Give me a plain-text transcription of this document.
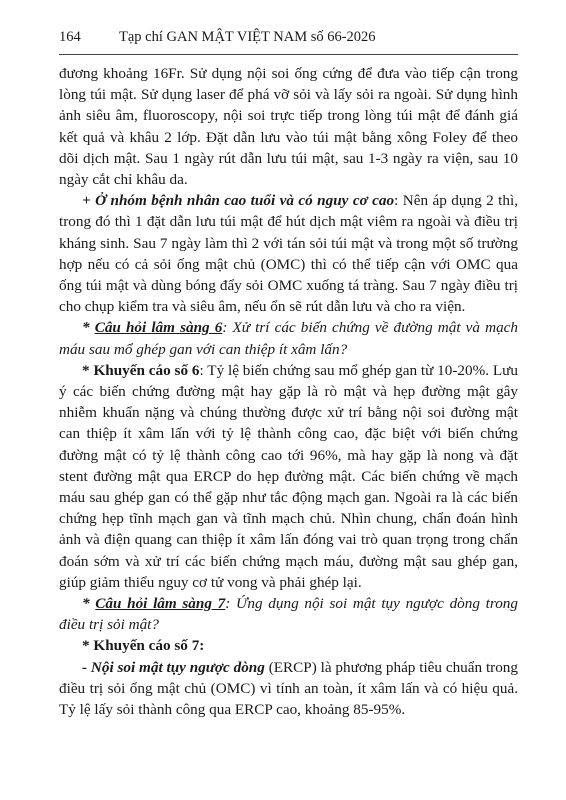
164	Tạp chí GAN MẬT VIỆT NAM số 66-2026

đương khoảng 16Fr. Sử dụng nội soi ống cứng để đưa vào tiếp cận trong lòng túi mật. Sử dụng laser để phá vỡ sỏi và lấy sỏi ra ngoài. Sử dụng hình ảnh siêu âm, fluoroscopy, nội soi trực tiếp trong lòng túi mật để đánh giá kết quả và khâu 2 lớp. Đặt dẫn lưu vào túi mật bằng xông Foley để theo dõi dịch mật. Sau 1 ngày rút dẫn lưu túi mật, sau 1-3 ngày ra viện, sau 10 ngày cắt chỉ khâu da.

+ Ở nhóm bệnh nhân cao tuổi và có nguy cơ cao: Nên áp dụng 2 thì, trong đó thì 1 đặt dẫn lưu túi mật để hút dịch mật viêm ra ngoài và điều trị kháng sinh. Sau 7 ngày làm thì 2 với tán sỏi túi mật và trong một số trường hợp nếu có cả sỏi ống mật chủ (OMC) thì có thể tiếp cận với OMC qua ống túi mật và dùng bóng đẩy sỏi OMC xuống tá tràng. Sau 7 ngày điều trị cho chụp kiểm tra và siêu âm, nếu ổn sẽ rút dẫn lưu và cho ra viện.

* Câu hỏi lâm sàng 6: Xử trí các biến chứng về đường mật và mạch máu sau mổ ghép gan với can thiệp ít xâm lấn?

* Khuyến cáo số 6: Tỷ lệ biến chứng sau mổ ghép gan từ 10-20%. Lưu ý các biến chứng đường mật hay gặp là rò mật và hẹp đường mật gây nhiễm khuẩn nặng và chúng thường được xử trí bằng nội soi đường mật can thiệp ít xâm lấn với tỷ lệ thành công cao, đặc biệt với biến chứng đường mật có tỷ lệ thành công cao tới 96%, mà hay gặp là nong và đặt stent đường mật qua ERCP do hẹp đường mật. Các biến chứng về mạch máu sau ghép gan có thể gặp như tắc động mạch gan. Ngoài ra là các biến chứng hẹp tĩnh mạch gan và tĩnh mạch chủ. Nhìn chung, chẩn đoán hình ảnh và điện quang can thiệp ít xâm lấn đóng vai trò quan trọng trong chẩn đoán sớm và xử trí các biến chứng mạch máu, đường mật sau ghép gan, giúp giảm thiểu nguy cơ tử vong và phải ghép lại.

* Câu hỏi lâm sàng 7: Ứng dụng nội soi mật tụy ngược dòng trong điều trị sỏi mật?

* Khuyến cáo số 7:

- Nội soi mật tụy ngược dòng (ERCP) là phương pháp tiêu chuẩn trong điều trị sỏi ống mật chủ (OMC) vì tính an toàn, ít xâm lấn và có hiệu quả. Tỷ lệ lấy sỏi thành công qua ERCP cao, khoảng 85-95%.
